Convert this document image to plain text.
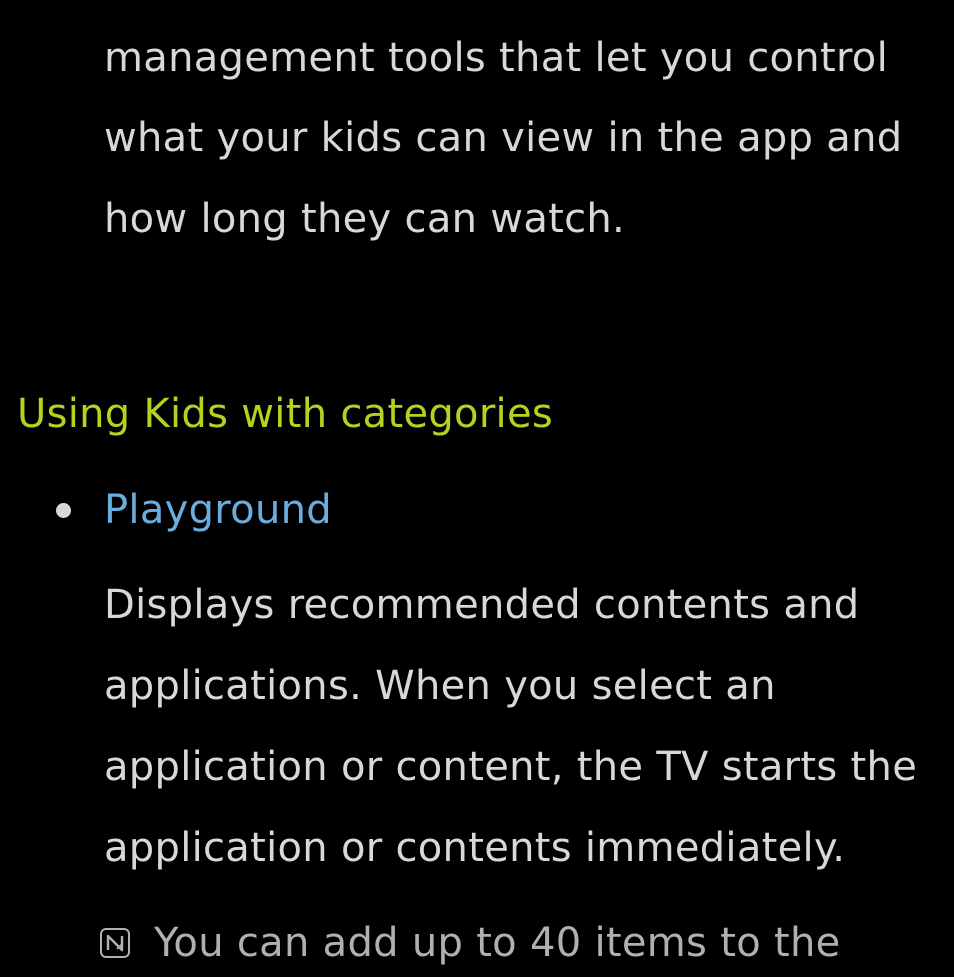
management tools that let you control
what your kids can view in the app and
how long they can watch.
Using Kids with categories
Playground
Displays recommended contents and
applications. When you select an
application or content, the TV starts the
application or contents immediately.
You can add up to 40 items to the
